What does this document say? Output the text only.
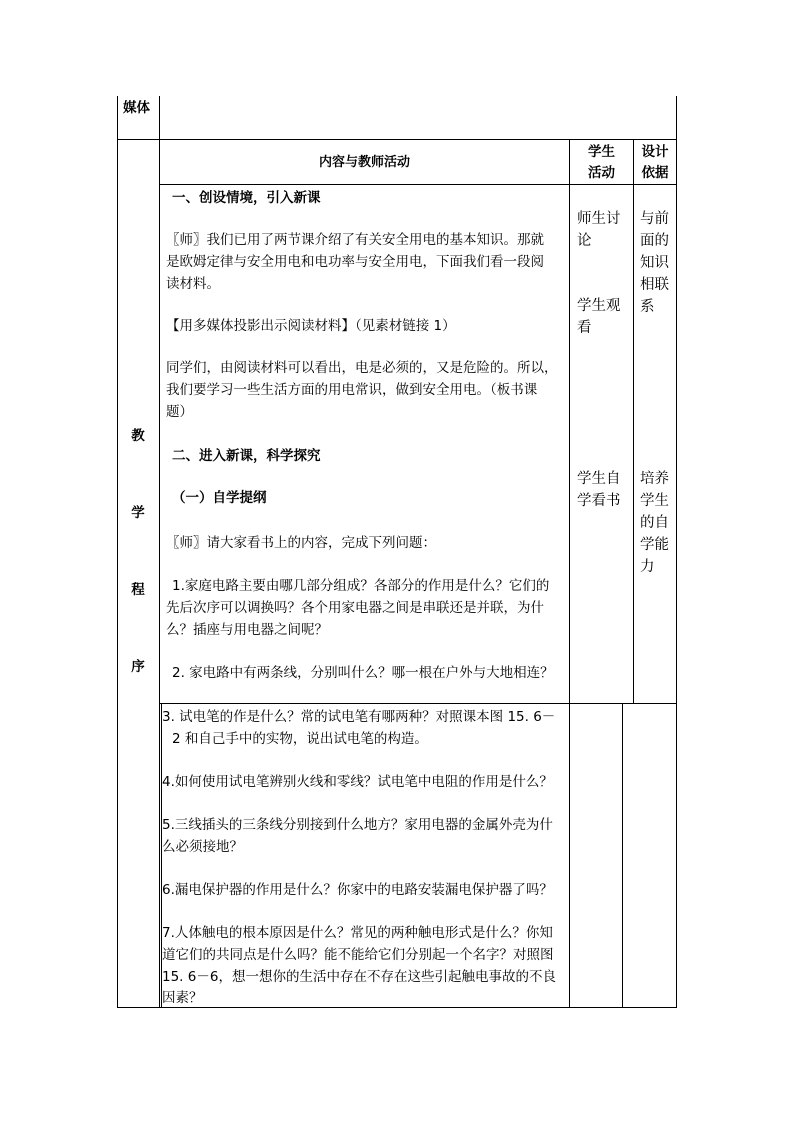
媒体
教
学
程
序
内容与教师活动
学生
活动
设计
依据
一、创设情境，引入新课
〖师〗我们已用了两节课介绍了有关安全用电的基本知识。那就
是欧姆定律与安全用电和电功率与安全用电，下面我们看一段阅
读材料。
【用多媒体投影出示阅读材料】（见素材链接 1）
同学们，由阅读材料可以看出，电是必须的，又是危险的。所以，
我们要学习一些生活方面的用电常识，做到安全用电。（板书课
题）
二、进入新课，科学探究
（一）自学提纲
〖师〗请大家看书上的内容，完成下列问题：
1.家庭电路主要由哪几部分组成？各部分的作用是什么？它们的
先后次序可以调换吗？各个用家电器之间是串联还是并联，为什
么？插座与用电器之间呢？
2. 家电路中有两条线，分别叫什么？哪一根在户外与大地相连？
师生讨
论
学生观
看
学生自
学看书
与前
面的
知识
相联
系
培养
学生
的自
学能
力
3. 试电笔的作是什么？常的试电笔有哪两种？对照课本图 15. 6－
2 和自己手中的实物，说出试电笔的构造。
4.如何使用试电笔辨别火线和零线？试电笔中电阻的作用是什么？
5.三线插头的三条线分别接到什么地方？家用电器的金属外壳为什
么必须接地？
6.漏电保护器的作用是什么？你家中的电路安装漏电保护器了吗？
7.人体触电的根本原因是什么？常见的两种触电形式是什么？你知
道它们的共同点是什么吗？能不能给它们分别起一个名字？对照图
15. 6－6，想一想你的生活中存在不存在这些引起触电事故的不良
因素？
